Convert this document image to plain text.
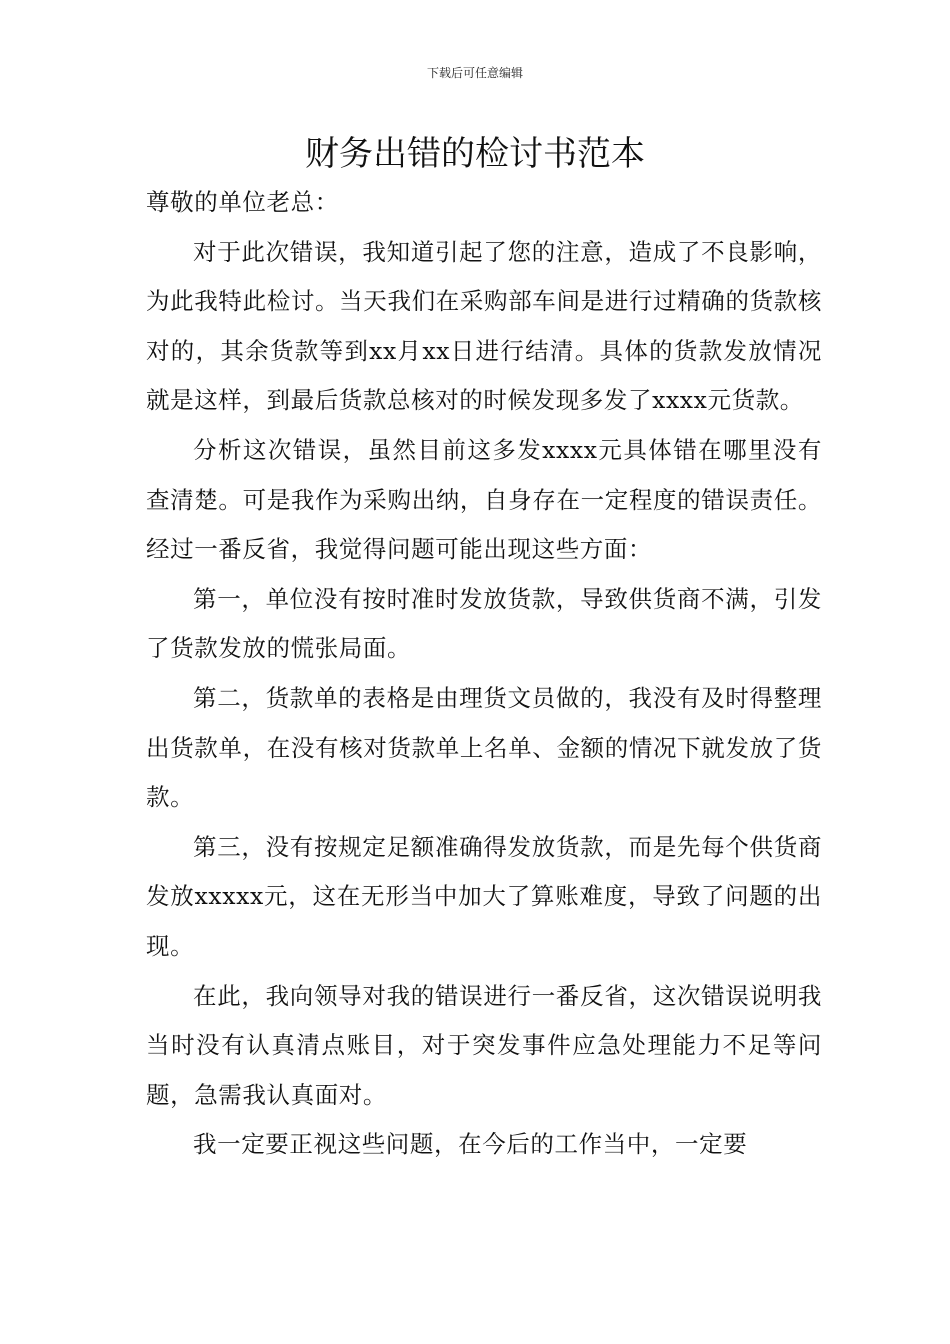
下载后可任意编辑
财务出错的检讨书范本

尊敬的单位老总：

对于此次错误，我知道引起了您的注意，造成了不良影响，为此我特此检讨。当天我们在采购部车间是进行过精确的货款核对的，其余货款等到xx月xx日进行结清。具体的货款发放情况就是这样，到最后货款总核对的时候发现多发了xxxx元货款。

分析这次错误，虽然目前这多发xxxx元具体错在哪里没有查清楚。可是我作为采购出纳，自身存在一定程度的错误责任。经过一番反省，我觉得问题可能出现这些方面：

第一，单位没有按时准时发放货款，导致供货商不满，引发了货款发放的慌张局面。

第二，货款单的表格是由理货文员做的，我没有及时得整理出货款单，在没有核对货款单上名单、金额的情况下就发放了货款。

第三，没有按规定足额准确得发放货款，而是先每个供货商发放xxxxx元，这在无形当中加大了算账难度，导致了问题的出现。

在此，我向领导对我的错误进行一番反省，这次错误说明我当时没有认真清点账目，对于突发事件应急处理能力不足等问题，急需我认真面对。

我一定要正视这些问题，在今后的工作当中，一定要
